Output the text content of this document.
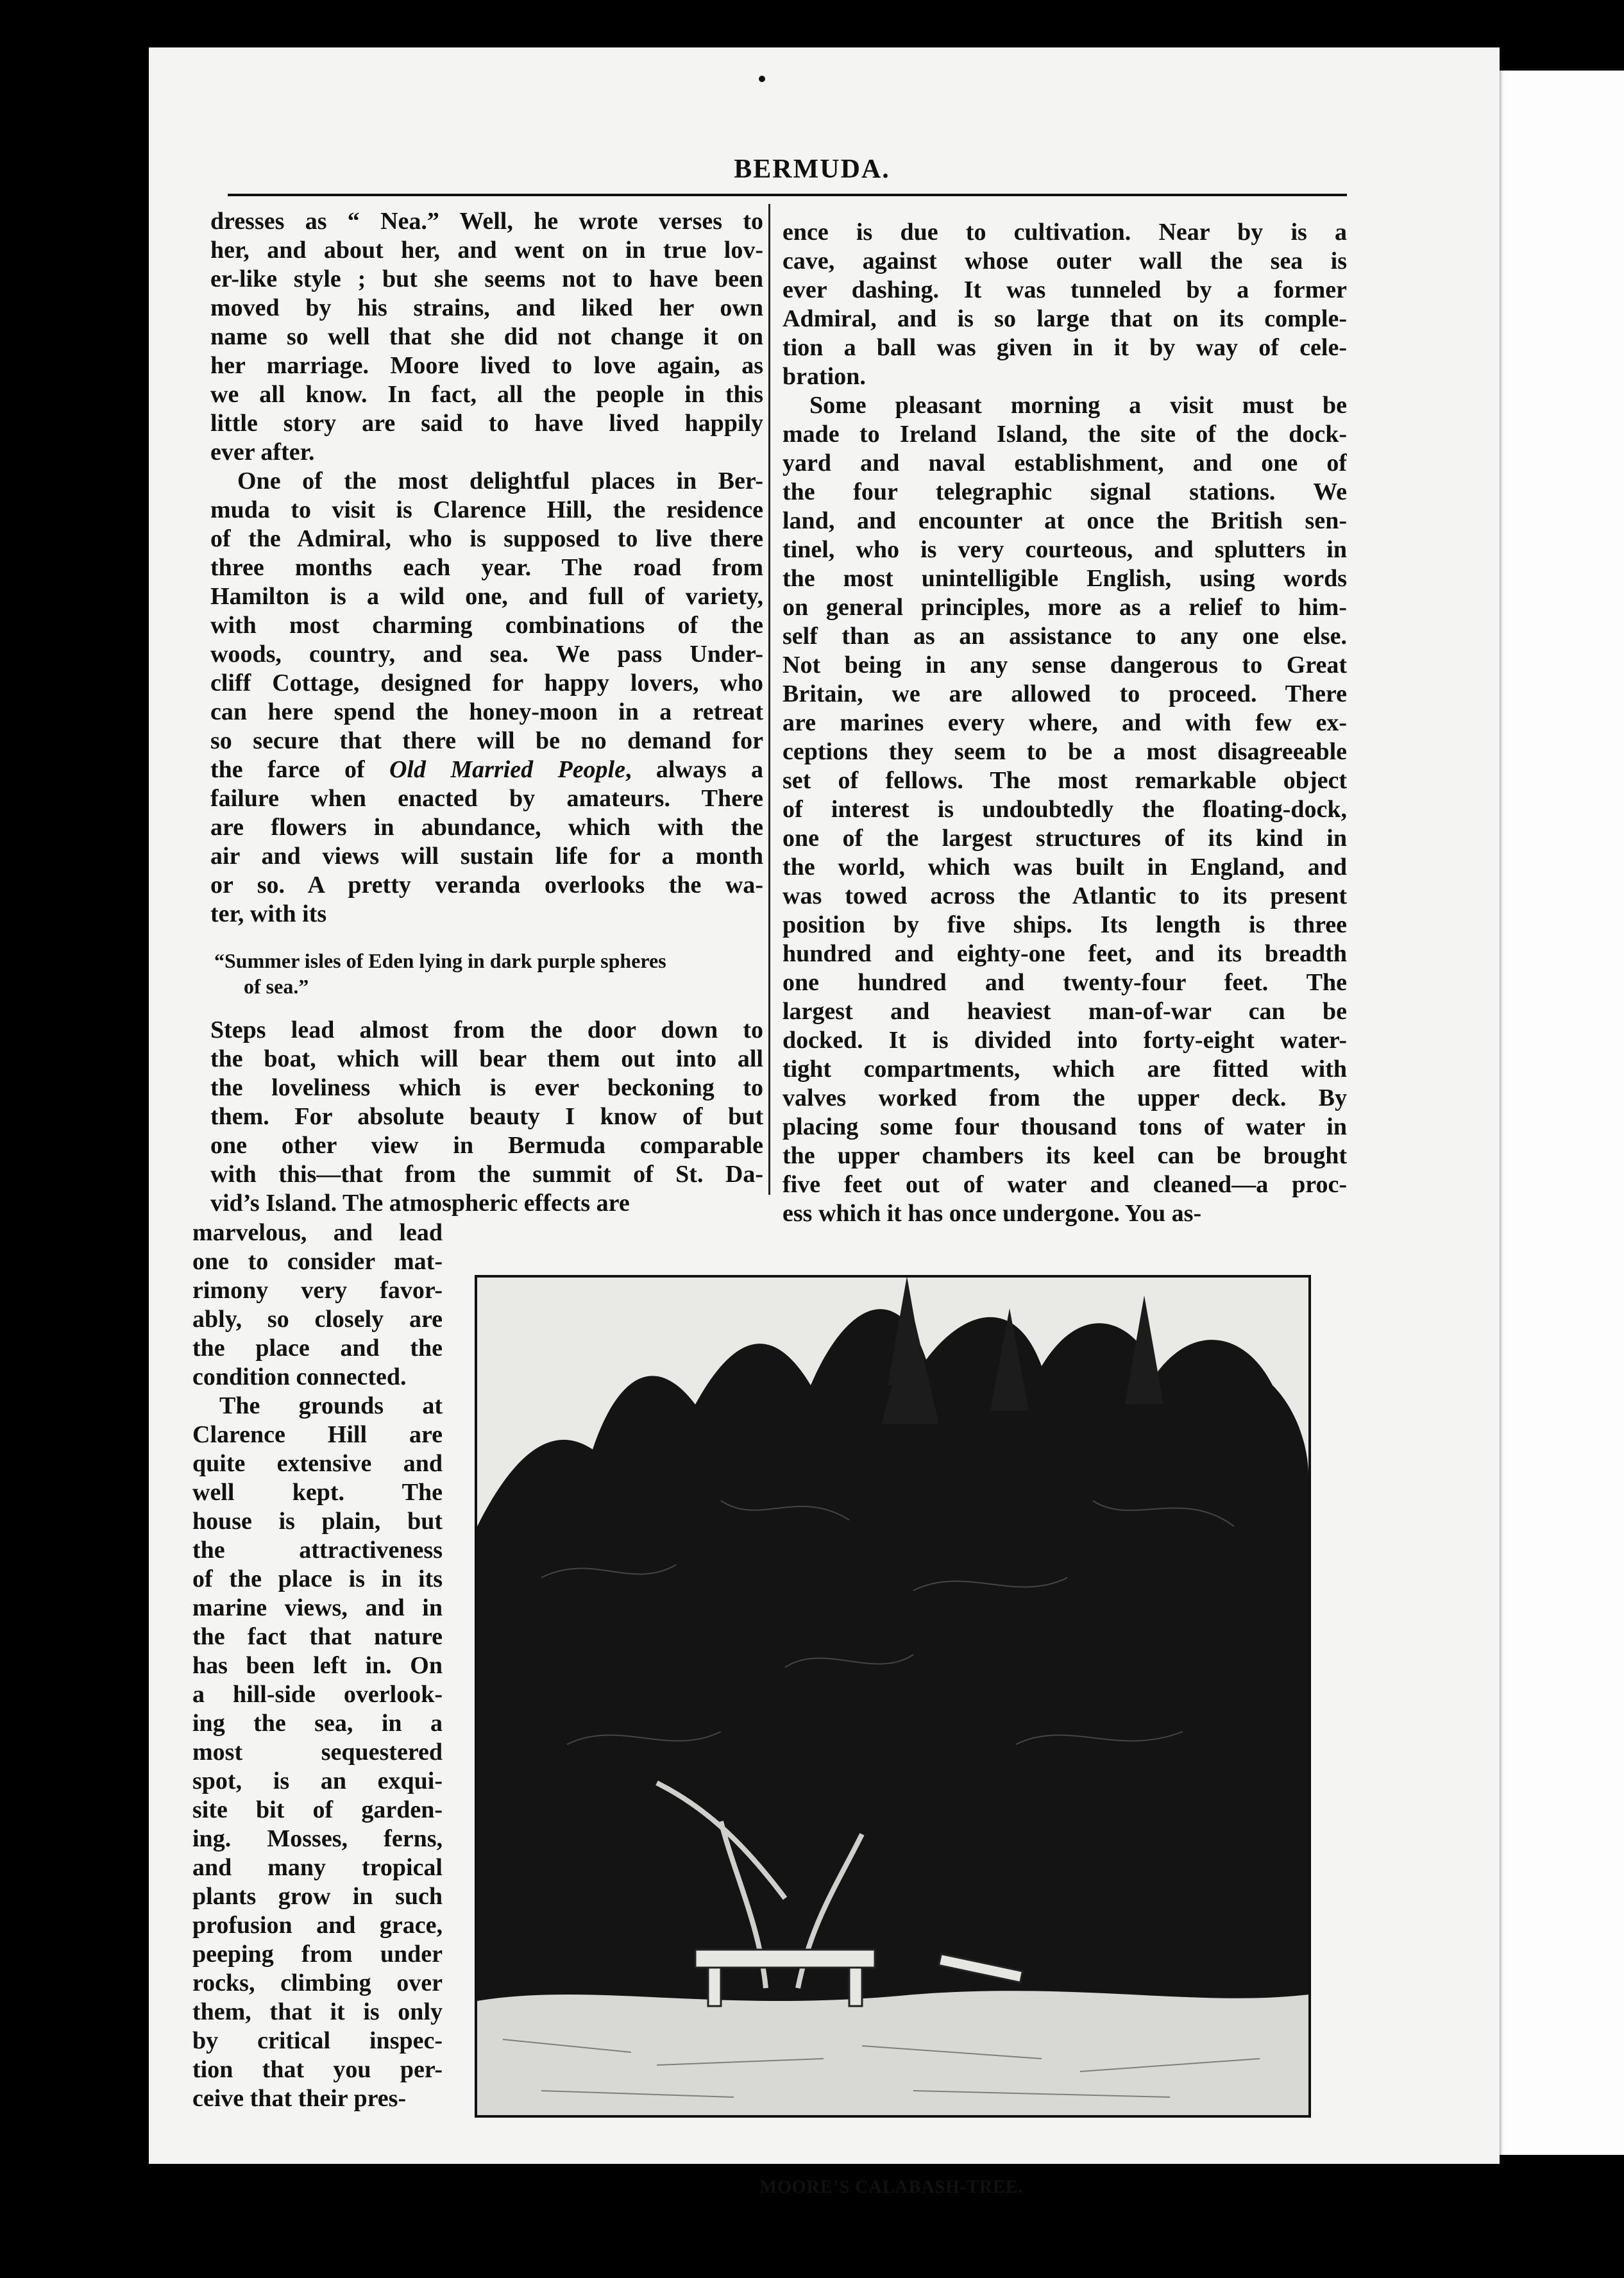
BERMUDA.
dresses as “ Nea.” Well, he wrote verses to
her, and about her, and went on in true lov-
er-like style ; but she seems not to have been
moved by his strains, and liked her own
name so well that she did not change it on
her marriage. Moore lived to love again, as
we all know. In fact, all the people in this
little story are said to have lived happily
ever after.
One of the most delightful places in Ber-
muda to visit is Clarence Hill, the residence
of the Admiral, who is supposed to live there
three months each year. The road from
Hamilton is a wild one, and full of variety,
with most charming combinations of the
woods, country, and sea. We pass Under-
cliff Cottage, designed for happy lovers, who
can here spend the honey-moon in a retreat
so secure that there will be no demand for
the farce of Old Married People, always a
failure when enacted by amateurs. There
are flowers in abundance, which with the
air and views will sustain life for a month
or so. A pretty veranda overlooks the wa-
ter, with its
“Summer isles of Eden lying in dark purple spheres
of sea.”
Steps lead almost from the door down to
the boat, which will bear them out into all
the loveliness which is ever beckoning to
them. For absolute beauty I know of but
one other view in Bermuda comparable
with this—that from the summit of St. Da-
vid’s Island. The atmospheric effects are
marvelous, and lead
one to consider mat-
rimony very favor-
ably, so closely are
the place and the
condition connected.
The grounds at
Clarence Hill are
quite extensive and
well kept. The
house is plain, but
the attractiveness
of the place is in its
marine views, and in
the fact that nature
has been left in. On
a hill-side overlook-
ing the sea, in a
most sequestered
spot, is an exqui-
site bit of garden-
ing. Mosses, ferns,
and many tropical
plants grow in such
profusion and grace,
peeping from under
rocks, climbing over
them, that it is only
by critical inspec-
tion that you per-
ceive that their pres-
ence is due to cultivation. Near by is a
cave, against whose outer wall the sea is
ever dashing. It was tunneled by a former
Admiral, and is so large that on its comple-
tion a ball was given in it by way of cele-
bration.
Some pleasant morning a visit must be
made to Ireland Island, the site of the dock-
yard and naval establishment, and one of
the four telegraphic signal stations. We
land, and encounter at once the British sen-
tinel, who is very courteous, and splutters in
the most unintelligible English, using words
on general principles, more as a relief to him-
self than as an assistance to any one else.
Not being in any sense dangerous to Great
Britain, we are allowed to proceed. There
are marines every where, and with few ex-
ceptions they seem to be a most disagreeable
set of fellows. The most remarkable object
of interest is undoubtedly the floating-dock,
one of the largest structures of its kind in
the world, which was built in England, and
was towed across the Atlantic to its present
position by five ships. Its length is three
hundred and eighty-one feet, and its breadth
one hundred and twenty-four feet. The
largest and heaviest man-of-war can be
docked. It is divided into forty-eight water-
tight compartments, which are fitted with
valves worked from the upper deck. By
placing some four thousand tons of water in
the upper chambers its keel can be brought
five feet out of water and cleaned—a proc-
ess which it has once undergone. You as-
MOORE’S CALABASH-TREE.
